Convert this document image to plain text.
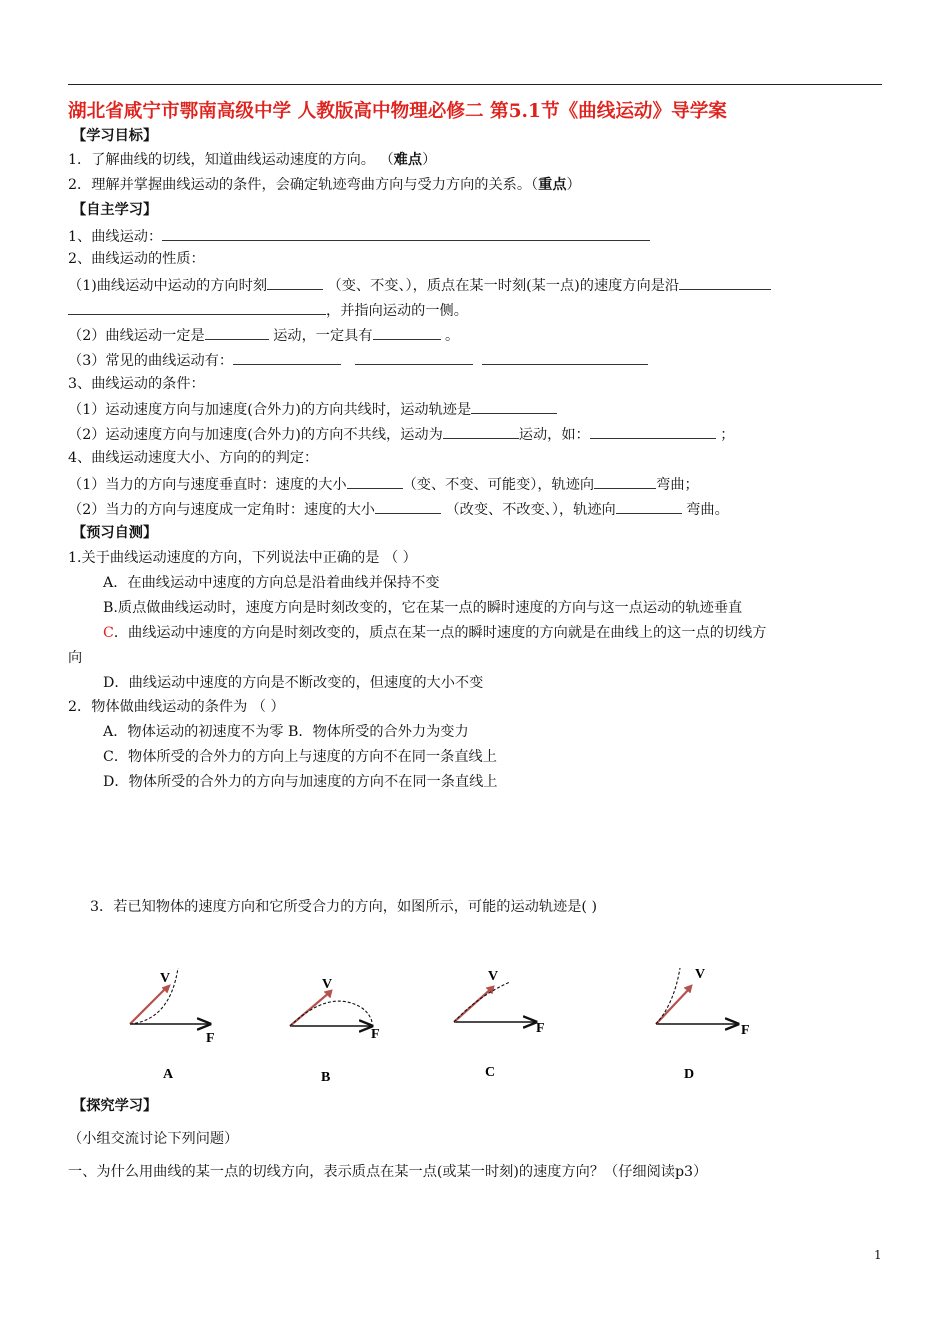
湖北省咸宁市鄂南高级中学 人教版高中物理必修二 第5.1节《曲线运动》导学案
【学习目标】
1．了解曲线的切线，知道曲线运动速度的方向。 （难点）
2．理解并掌握曲线运动的条件，会确定轨迹弯曲方向与受力方向的关系。（重点）
【自主学习】
1、曲线运动：
2、曲线运动的性质：
（1)曲线运动中运动的方向时刻	（变、不变、），质点在某一时刻(某一点)的速度方向是沿
，并指向运动的一侧。
（2）曲线运动一定是	运动，一定具有	。
（3）常见的曲线运动有：
3、曲线运动的条件：
（1）运动速度方向与加速度(合外力)的方向共线时，运动轨迹是
（2）运动速度方向与加速度(合外力)的方向不共线，运动为	运动，如：	；
4、曲线运动速度大小、方向的的判定：
（1）当力的方向与速度垂直时：速度的大小	（变、不变、可能变），轨迹向	弯曲；
（2）当力的方向与速度成一定角时：速度的大小	（改变、不改变、），轨迹向	弯曲。
【预习自测】
1.关于曲线运动速度的方向，下列说法中正确的是 （ ）
A．在曲线运动中速度的方向总是沿着曲线并保持不变
B.质点做曲线运动时，速度方向是时刻改变的，它在某一点的瞬时速度的方向与这一点运动的轨迹垂直
C．曲线运动中速度的方向是时刻改变的，质点在某一点的瞬时速度的方向就是在曲线上的这一点的切线方
向
D．曲线运动中速度的方向是不断改变的，但速度的大小不变
2．物体做曲线运动的条件为 （ ）
A．物体运动的初速度不为零 B．物体所受的合外力为变力
C．物体所受的合外力的方向上与速度的方向不在同一条直线上
D．物体所受的合外力的方向与加速度的方向不在同一条直线上
3．若已知物体的速度方向和它所受合力的方向，如图所示，可能的运动轨迹是( )
V
F
A
V
F
B
V
F
C
V
F
D
【探究学习】
（小组交流讨论下列问题）
一、为什么用曲线的某一点的切线方向，表示质点在某一点(或某一时刻)的速度方向？（仔细阅读p3）
1
